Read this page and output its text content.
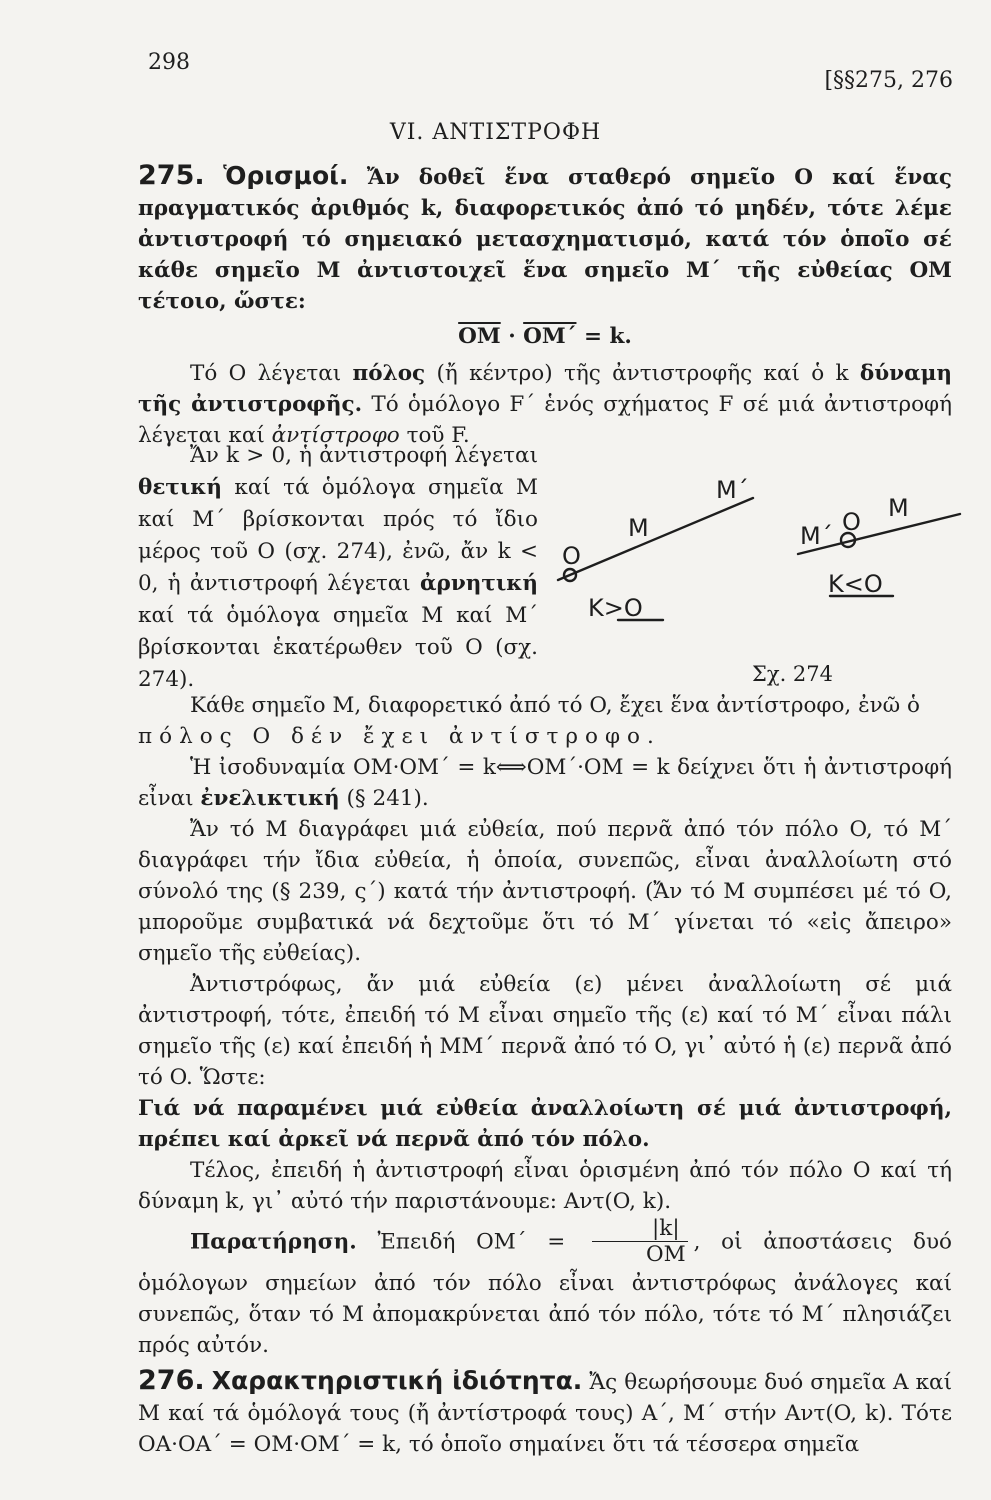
298
[§§275, 276
VI. ΑΝΤΙΣΤΡΟΦΗ

275. Ὁρισμοί. Ἄν δοθεῖ ἕνα σταθερό σημεῖο O καί ἕνας πραγματικός ἀριθμός k, διαφορετικός ἀπό τό μηδέν, τότε λέμε ἀντιστροφή τό σημειακό μετασχηματισμό, κατά τόν ὁποῖο σέ κάθε σημεῖο M ἀντιστοιχεῖ ἕνα σημεῖο M΄ τῆς εὐθείας OM τέτοιο, ὥστε:

$\overline{OM} \cdot \overline{OM΄} = k$.

Τό O λέγεται πόλος (ἤ κέντρο) τῆς ἀντιστροφῆς καί ὁ k δύναμη τῆς ἀντιστροφῆς. Τό ὁμόλογο F΄ ἑνός σχήματος F σέ μιά ἀντιστροφή λέγεται καί ἀντίστροφο τοῦ F.

Ἄν k > 0, ἡ ἀντιστροφή λέγεται θετική καί τά ὁμόλογα σημεῖα M καί M΄ βρίσκονται πρός τό ἴδιο μέρος τοῦ O (σχ. 274), ἐνῶ, ἄν k < 0, ἡ ἀντιστροφή λέγεται ἀρνητική καί τά ὁμόλογα σημεῖα M καί M΄ βρίσκονται ἑκατέρωθεν τοῦ O (σχ. 274).

O
M
M΄
K>O
M΄ O M
K<O
Σχ. 274

Κάθε σημεῖο M, διαφορετικό ἀπό τό O, ἔχει ἕνα ἀντίστροφο, ἐνῶ ὁ

πόλος O δέν ἔχει ἀντίστροφο.

Ἡ ἰσοδυναμία OM·OM΄ = k⟺OM΄·OM = k δείχνει ὅτι ἡ ἀντιστροφή εἶναι ἐνελικτική (§ 241).

Ἄν τό M διαγράφει μιά εὐθεία, πού περνᾶ ἀπό τόν πόλο O, τό M΄ διαγράφει τήν ἴδια εὐθεία, ἡ ὁποία, συνεπῶς, εἶναι ἀναλλοίωτη στό σύνολό της (§ 239, ς΄) κατά τήν ἀντιστροφή. (Ἄν τό M συμπέσει μέ τό O, μποροῦμε συμβατικά νά δεχτοῦμε ὅτι τό M΄ γίνεται τό «εἰς ἄπειρο» σημεῖο τῆς εὐθείας).

Ἀντιστρόφως, ἄν μιά εὐθεία (ε) μένει ἀναλλοίωτη σέ μιά ἀντιστροφή, τότε, ἐπειδή τό M εἶναι σημεῖο τῆς (ε) καί τό M΄ εἶναι πάλι σημεῖο τῆς (ε) καί ἐπειδή ἡ MM΄ περνᾶ ἀπό τό O, γι᾽ αὐτό ἡ (ε) περνᾶ ἀπό τό O. Ὥστε:

Γιά νά παραμένει μιά εὐθεία ἀναλλοίωτη σέ μιά ἀντιστροφή, πρέπει καί ἀρκεῖ νά περνᾶ ἀπό τόν πόλο.

Τέλος, ἐπειδή ἡ ἀντιστροφή εἶναι ὁρισμένη ἀπό τόν πόλο O καί τή δύναμη k, γι᾽ αὐτό τήν παριστάνουμε: Αντ(O, k).

Παρατήρηση. Ἐπειδή $OM΄ = \frac{|k|}{OM}$ , οἱ ἀποστάσεις δυό ὁμόλογων σημείων ἀπό τόν πόλο εἶναι ἀντιστρόφως ἀνάλογες καί συνεπῶς, ὅταν τό M ἀπομακρύνεται ἀπό τόν πόλο, τότε τό M΄ πλησιάζει πρός αὐτόν.

276. Χαρακτηριστική ἰδιότητα. Ἄς θεωρήσουμε δυό σημεῖα A καί M καί τά ὁμόλογά τους (ἤ ἀντίστροφά τους) A΄, M΄ στήν Αντ(O, k). Τότε OA·OA΄ = OM·OM΄ = k, τό ὁποῖο σημαίνει ὅτι τά τέσσερα σημεῖα
